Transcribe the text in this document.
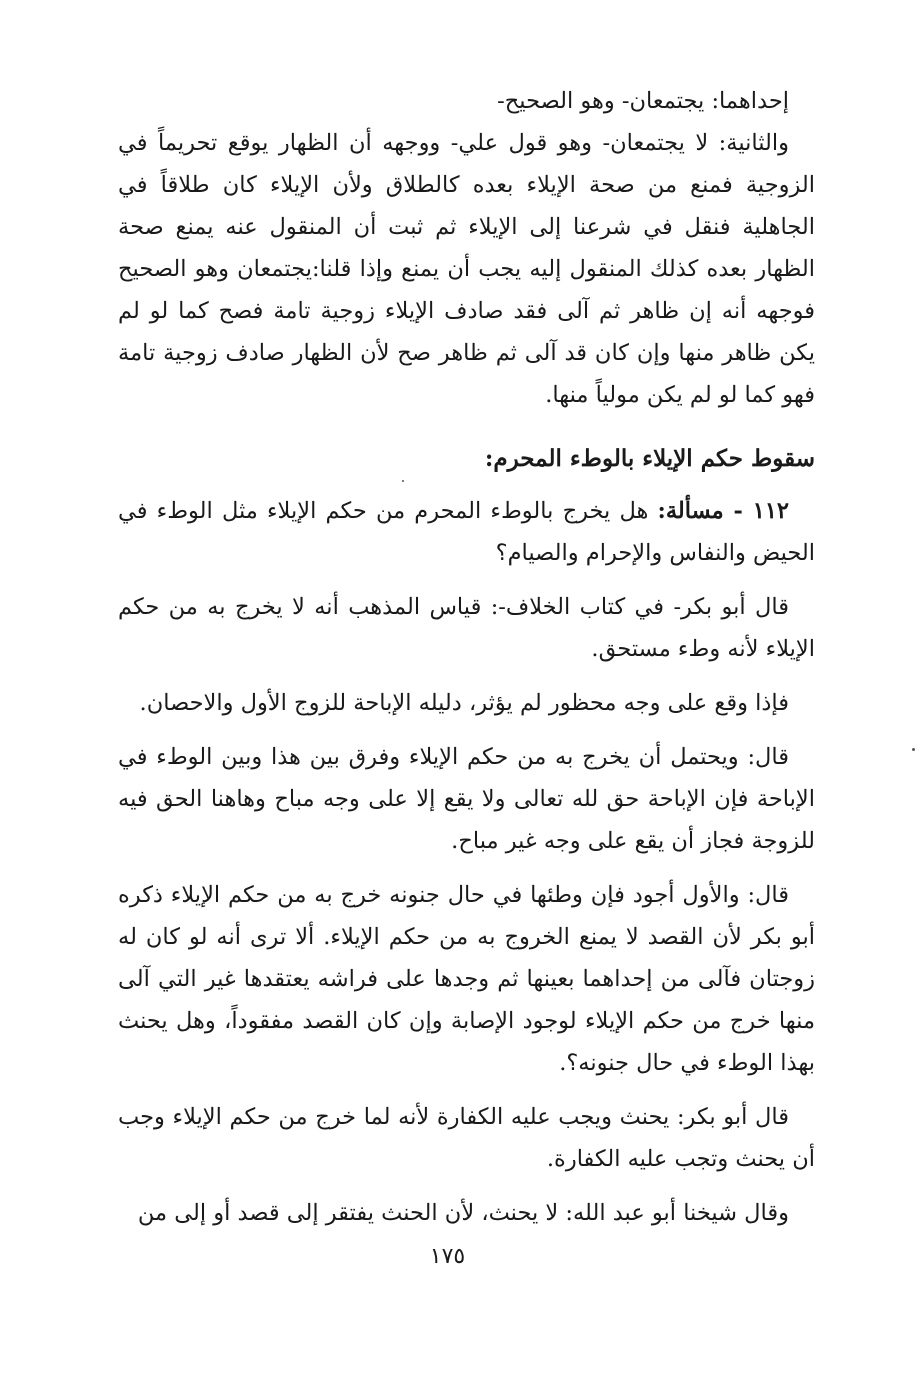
إحداهما: يجتمعان- وهو الصحيح-

والثانية: لا يجتمعان- وهو قول علي- ووجهه أن الظهار يوقع تحريماً في الزوجية فمنع من صحة الإيلاء بعده كالطلاق ولأن الإيلاء كان طلاقاً في الجاهلية فنقل في شرعنا إلى الإيلاء ثم ثبت أن المنقول عنه يمنع صحة الظهار بعده كذلك المنقول إليه يجب أن يمنع وإذا قلنا:يجتمعان وهو الصحيح فوجهه أنه إن ظاهر ثم آلى فقد صادف الإيلاء زوجية تامة فصح كما لو لم يكن ظاهر منها وإن كان قد آلى ثم ظاهر صح لأن الظهار صادف زوجية تامة فهو كما لو لم يكن مولياً منها.

سقوط حكم الإيلاء بالوطء المحرم:

١١٢ - مسألة: هل يخرج بالوطء المحرم من حكم الإيلاء مثل الوطء في الحيض والنفاس والإحرام والصيام؟

قال أبو بكر- في كتاب الخلاف-: قياس المذهب أنه لا يخرج به من حكم الإيلاء لأنه وطء مستحق.

فإذا وقع على وجه محظور لم يؤثر، دليله الإباحة للزوج الأول والاحصان.

قال: ويحتمل أن يخرج به من حكم الإيلاء وفرق بين هذا وبين الوطء في الإباحة فإن الإباحة حق لله تعالى ولا يقع إلا على وجه مباح وهاهنا الحق فيه للزوجة فجاز أن يقع على وجه غير مباح.

قال: والأول أجود فإن وطئها في حال جنونه خرج به من حكم الإيلاء ذكره أبو بكر لأن القصد لا يمنع الخروج به من حكم الإيلاء. ألا ترى أنه لو كان له زوجتان فآلى من إحداهما بعينها ثم وجدها على فراشه يعتقدها غير التي آلى منها خرج من حكم الإيلاء لوجود الإصابة وإن كان القصد مفقوداً، وهل يحنث بهذا الوطء في حال جنونه؟.

قال أبو بكر: يحنث ويجب عليه الكفارة لأنه لما خرج من حكم الإيلاء وجب أن يحنث وتجب عليه الكفارة.

وقال شيخنا أبو عبد الله: لا يحنث، لأن الحنث يفتقر إلى قصد أو إلى من

١٧٥
